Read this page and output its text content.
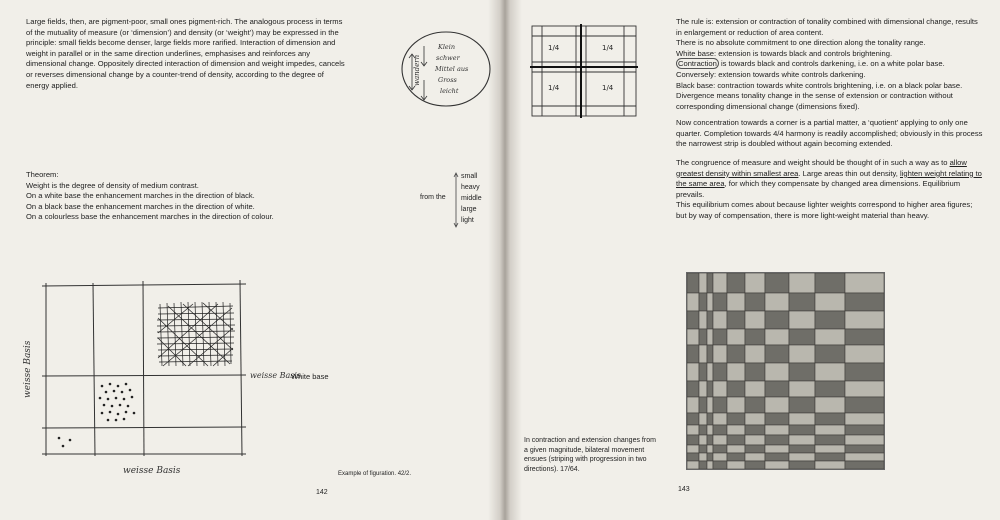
Large fields, then, are pigment-poor, small ones pigment-rich. The analogous process in terms of the mutuality of measure (or ‘dimension’) and density (or ‘weight’) may be expressed in the principle: small fields become denser, large fields more rarified. Interaction of dimension and weight in parallel or in the same direction underlines, emphasises and reinforces any dimensional change. Oppositely directed interaction of dimension and weight impedes, cancels or reverses dimensional change by a counter-trend of density, according to the degree of energy applied.	wandern
Klein
schwer
Mittel aus
Gross
leicht

Theorem:

Weight is the degree of density of medium contrast.

On a white base the enhancement marches in the direction of black.

On a black base the enhancement marches in the direction of white.

On a colourless base the enhancement marches in the direction of colour.

from the
small
heavy
middle
large
light
weisse Basis
weisse Basis
weisse Basis
White base
Example of figuration. 42/2.
142
1/4	1/4
1/4	1/4

The rule is: extension or contraction of tonality combined with dimensional change, results in enlargement or reduction of area content.

There is no absolute commitment to one direction along the tonality range.

White base: extension is towards black and controls brightening.

Contraction is towards black and controls darkening, i.e. on a white polar base.

Conversely: extension towards white controls darkening.

Black base: contraction towards white controls brightening, i.e. on a black polar base.

Divergence means tonality change in the sense of extension or contraction without corresponding dimensional change (dimensions fixed).

Now concentration towards a corner is a partial matter, a ‘quotient’ applying to only one quarter. Completion towards 4/4 harmony is readily accomplished; obviously in this process the narrowest strip is doubled without again becoming extended.

The congruence of measure and weight should be thought of in such a way as to allow greatest density within smallest area. Large areas thin out density, lighten weight relating to the same area, for which they compensate by changed area dimensions. Equilibrium prevails.

This equilibrium comes about because lighter weights correspond to higher area figures; but by way of compensation, there is more light-weight material than heavy.

In contraction and extension changes from a given magnitude, bilateral movement ensues (striping with progression in two directions). 17/64.

143
